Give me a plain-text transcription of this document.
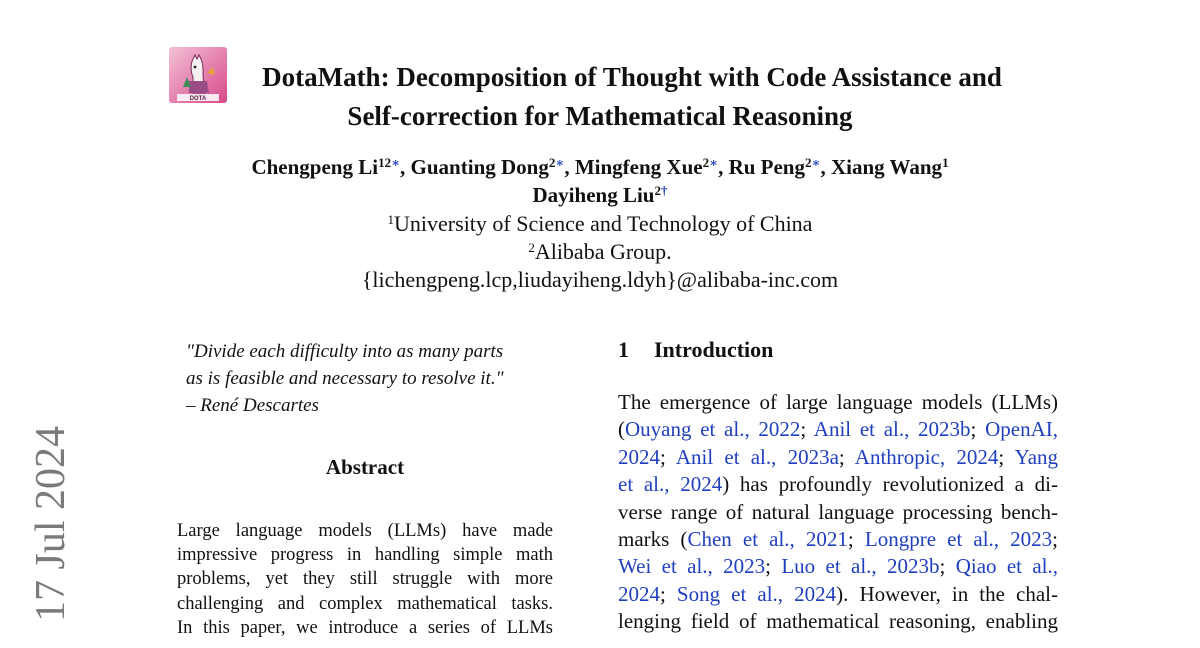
DOTA
DotaMath: Decomposition of Thought with Code Assistance and
Self-correction for Mathematical Reasoning
Chengpeng $Li^{12∗}$, Guanting Dong$^{2∗}$, Mingfeng Xue$^{2∗}$, Ru Peng$^{2∗}$, Xiang Wang$^1$
Dayiheng Liu$^{2\dagger}$
$^1$University of Science and Technology of China
$^2$Alibaba Group.
{lichengpeng.lcp,liudayiheng.ldyh}@alibaba-inc.com
"Divide each difficulty into as many parts
as is feasible and necessary to resolve it."
– René Descartes
Abstract
Large language models (LLMs) have made
impressive progress in handling simple math
problems, yet they still struggle with more
challenging and complex mathematical tasks.
In this paper, we introduce a series of LLMs
1 Introduction
The emergence of large language models (LLMs)
(Ouyang et al., 2022; Anil et al., 2023b; OpenAI,
2024; Anil et al., 2023a; Anthropic, 2024; Yang
et al., 2024) has profoundly revolutionized a di-
verse range of natural language processing bench-
marks (Chen et al., 2021; Longpre et al., 2023;
Wei et al., 2023; Luo et al., 2023b; Qiao et al.,
2024; Song et al., 2024). However, in the chal-
lenging field of mathematical reasoning, enabling
17 Jul 2024
